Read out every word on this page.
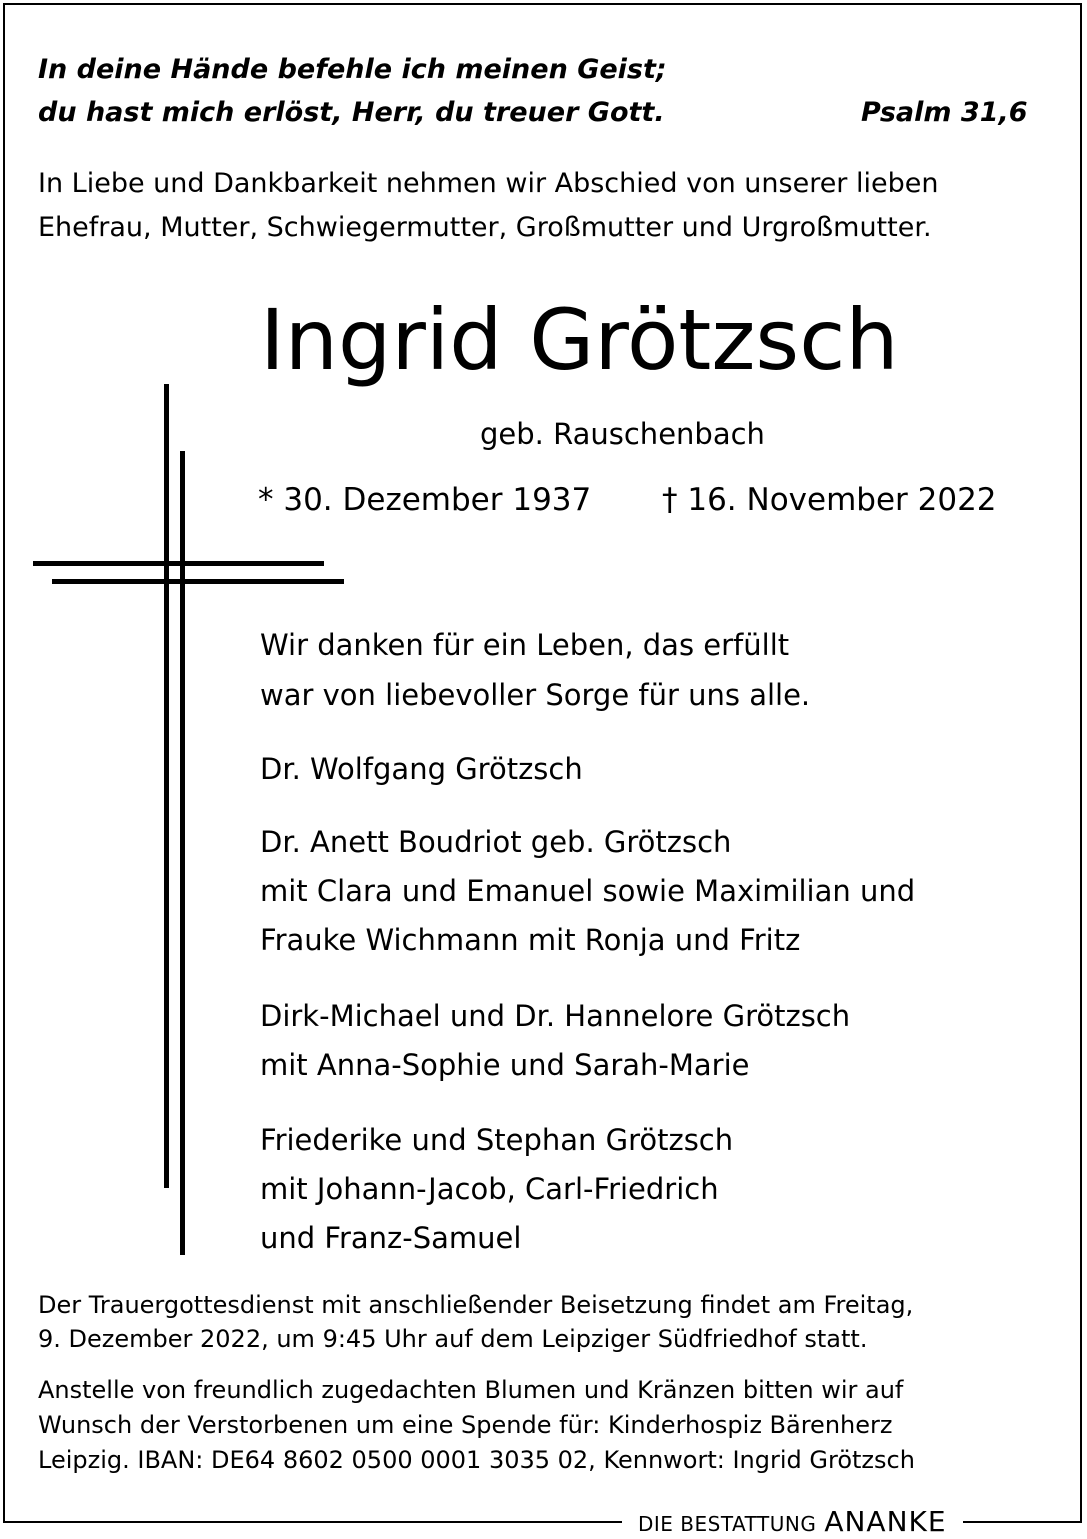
In deine Hände befehle ich meinen Geist;
du hast mich erlöst, Herr, du treuer Gott.	Psalm 31,6
In Liebe und Dankbarkeit nehmen wir Abschied von unserer lieben
Ehefrau, Mutter, Schwiegermutter, Großmutter und Urgroßmutter.
Ingrid Grötzsch
geb. Rauschenbach
* 30. Dezember 1937 † 16. November 2022
Wir danken für ein Leben, das erfüllt
war von liebevoller Sorge für uns alle.
Dr. Wolfgang Grötzsch
Dr. Anett Boudriot geb. Grötzsch
mit Clara und Emanuel sowie Maximilian und
Frauke Wichmann mit Ronja und Fritz
Dirk-Michael und Dr. Hannelore Grötzsch
mit Anna-Sophie und Sarah-Marie
Friederike und Stephan Grötzsch
mit Johann-Jacob, Carl-Friedrich
und Franz-Samuel
Der Trauergottesdienst mit anschließender Beisetzung findet am Freitag,
9. Dezember 2022, um 9:45 Uhr auf dem Leipziger Südfriedhof statt.
Anstelle von freundlich zugedachten Blumen und Kränzen bitten wir auf
Wunsch der Verstorbenen um eine Spende für: Kinderhospiz Bärenherz
Leipzig. IBAN: DE64 8602 0500 0001 3035 02, Kennwort: Ingrid Grötzsch
DIE BESTATTUNG ANANKE
